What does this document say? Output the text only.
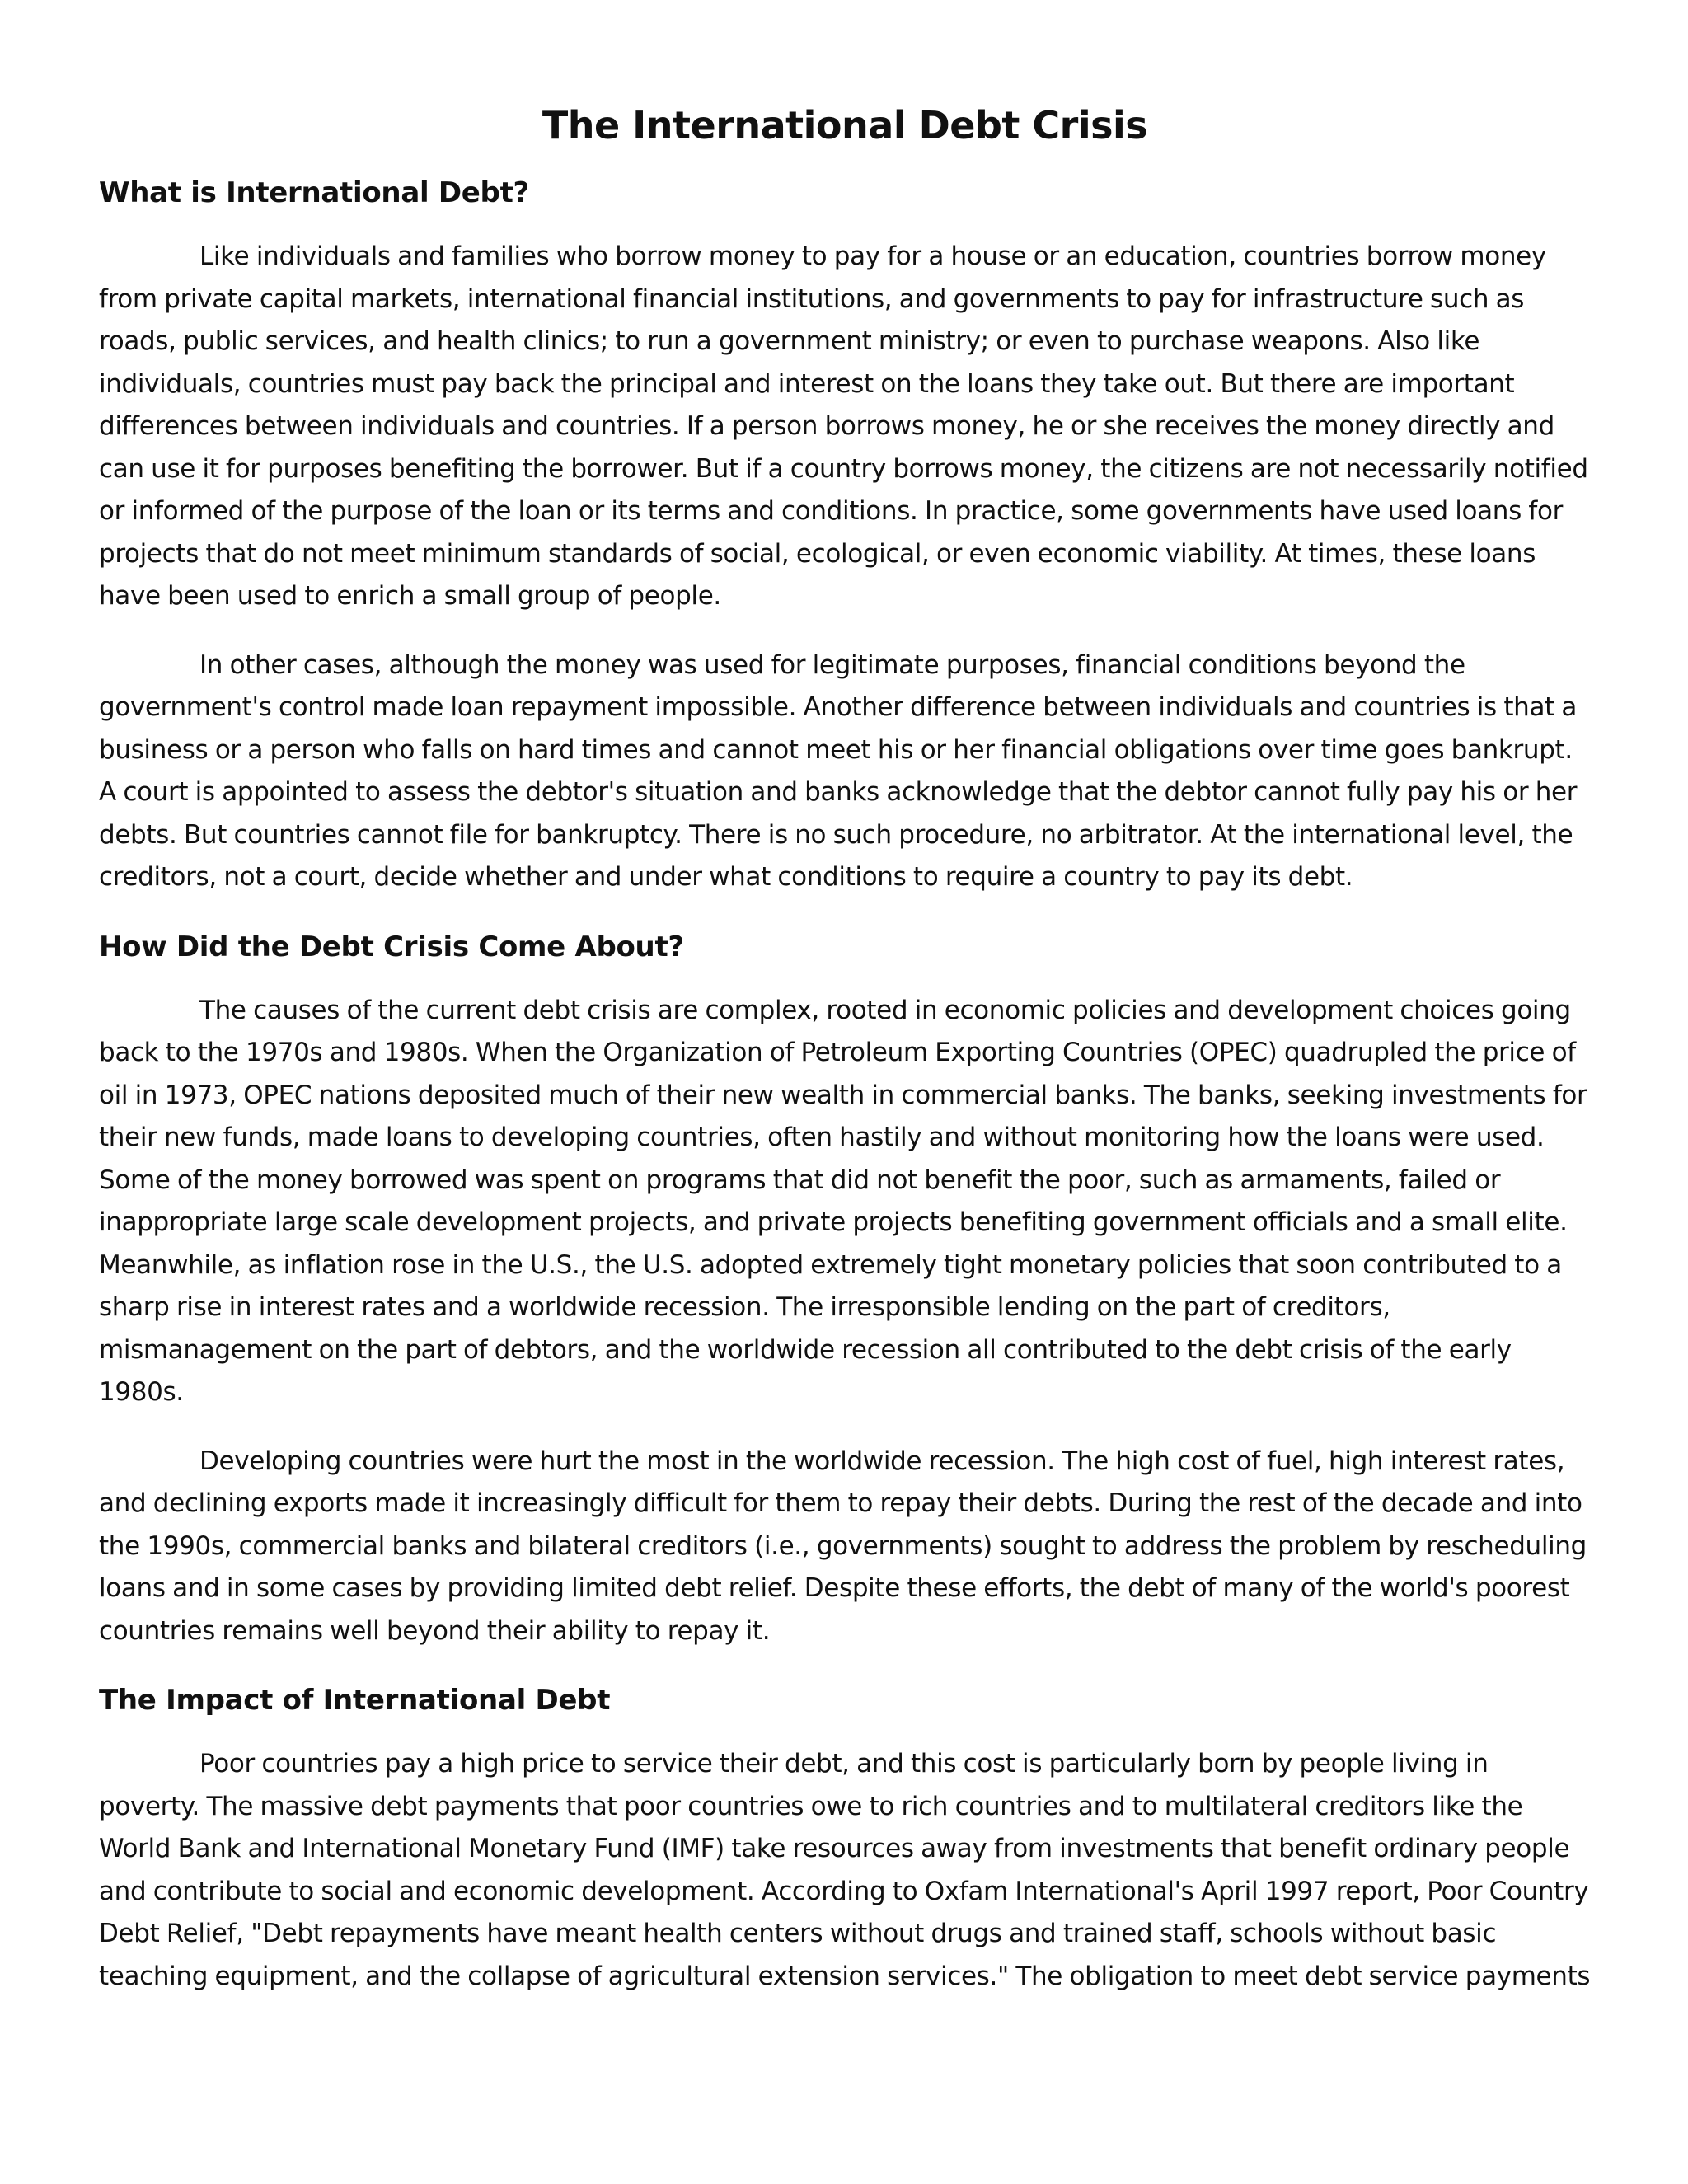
The International Debt Crisis
What is International Debt?

Like individuals and families who borrow money to pay for a house or an education, countries borrow money from private capital markets, international financial institutions, and governments to pay for infrastructure such as roads, public services, and health clinics; to run a government ministry; or even to purchase weapons. Also like individuals, countries must pay back the principal and interest on the loans they take out. But there are important differences between individuals and countries. If a person borrows money, he or she receives the money directly and can use it for purposes benefiting the borrower. But if a country borrows money, the citizens are not necessarily notified or informed of the purpose of the loan or its terms and conditions. In practice, some governments have used loans for projects that do not meet minimum standards of social, ecological, or even economic viability. At times, these loans have been used to enrich a small group of people.

In other cases, although the money was used for legitimate purposes, financial conditions beyond the government's control made loan repayment impossible. Another difference between individuals and countries is that a business or a person who falls on hard times and cannot meet his or her financial obligations over time goes bankrupt. A court is appointed to assess the debtor's situation and banks acknowledge that the debtor cannot fully pay his or her debts. But countries cannot file for bankruptcy. There is no such procedure, no arbitrator. At the international level, the creditors, not a court, decide whether and under what conditions to require a country to pay its debt.

How Did the Debt Crisis Come About?

The causes of the current debt crisis are complex, rooted in economic policies and development choices going back to the 1970s and 1980s. When the Organization of Petroleum Exporting Countries (OPEC) quadrupled the price of oil in 1973, OPEC nations deposited much of their new wealth in commercial banks. The banks, seeking investments for their new funds, made loans to developing countries, often hastily and without monitoring how the loans were used. Some of the money borrowed was spent on programs that did not benefit the poor, such as armaments, failed or inappropriate large scale development projects, and private projects benefiting government officials and a small elite. Meanwhile, as inflation rose in the U.S., the U.S. adopted extremely tight monetary policies that soon contributed to a sharp rise in interest rates and a worldwide recession. The irresponsible lending on the part of creditors, mismanagement on the part of debtors, and the worldwide recession all contributed to the debt crisis of the early 1980s.

Developing countries were hurt the most in the worldwide recession. The high cost of fuel, high interest rates, and declining exports made it increasingly difficult for them to repay their debts. During the rest of the decade and into the 1990s, commercial banks and bilateral creditors (i.e., governments) sought to address the problem by rescheduling loans and in some cases by providing limited debt relief. Despite these efforts, the debt of many of the world's poorest countries remains well beyond their ability to repay it.

The Impact of International Debt

Poor countries pay a high price to service their debt, and this cost is particularly born by people living in poverty. The massive debt payments that poor countries owe to rich countries and to multilateral creditors like the World Bank and International Monetary Fund (IMF) take resources away from investments that benefit ordinary people and contribute to social and economic development. According to Oxfam International's April 1997 report, Poor Country Debt Relief, "Debt repayments have meant health centers without drugs and trained staff, schools without basic teaching equipment, and the collapse of agricultural extension services." The obligation to meet debt service payments
